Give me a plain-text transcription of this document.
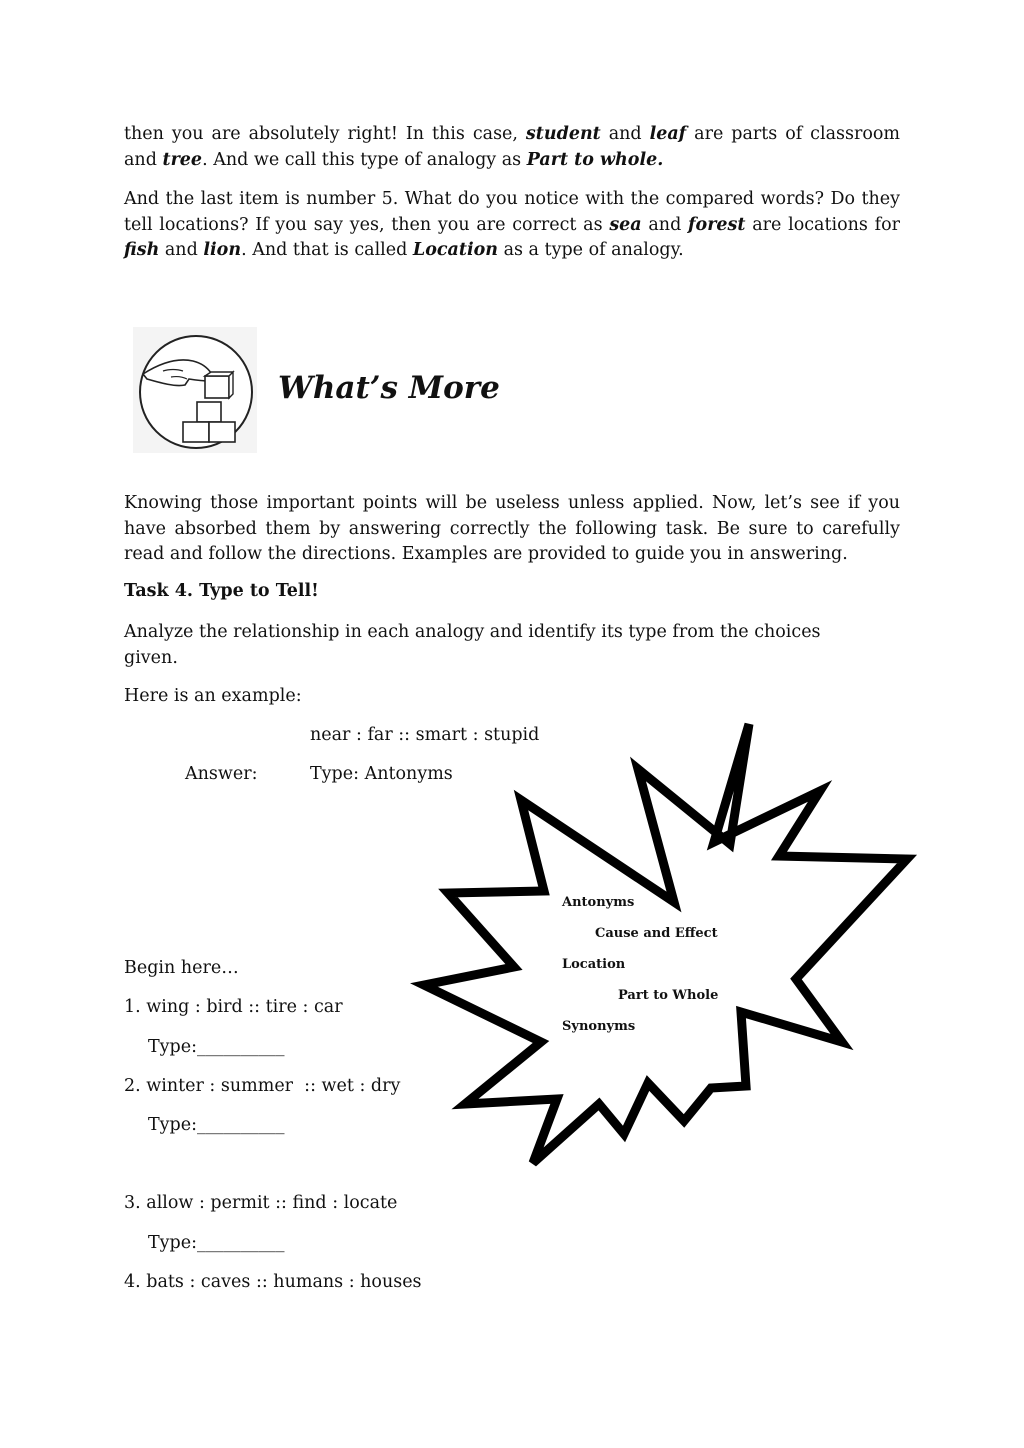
then you are absolutely right! In this case, student and leaf are parts of classroom and tree. And we call this type of analogy as Part to whole.

And the last item is number 5. What do you notice with the compared words? Do they tell locations? If you say yes, then you are correct as sea and forest are locations for fish and lion. And that is called Location as a type of analogy.

What’s More

Knowing those important points will be useless unless applied. Now, let’s see if you have absorbed them by answering correctly the following task. Be sure to carefully read and follow the directions. Examples are provided to guide you in answering.

Task 4. Type to Tell!

Analyze the relationship in each analogy and identify its type from the choices given.

Here is an example:

near : far :: smart : stupid

Answer:	Type: Antonyms

Antonyms

Cause and Effect

Location

Part to Whole

Synonyms

Begin here…

1. wing : bird :: tire : car

Type:__________

2. winter : summer  :: wet : dry

Type:__________

3. allow : permit :: find : locate

Type:__________

4. bats : caves :: humans : houses
